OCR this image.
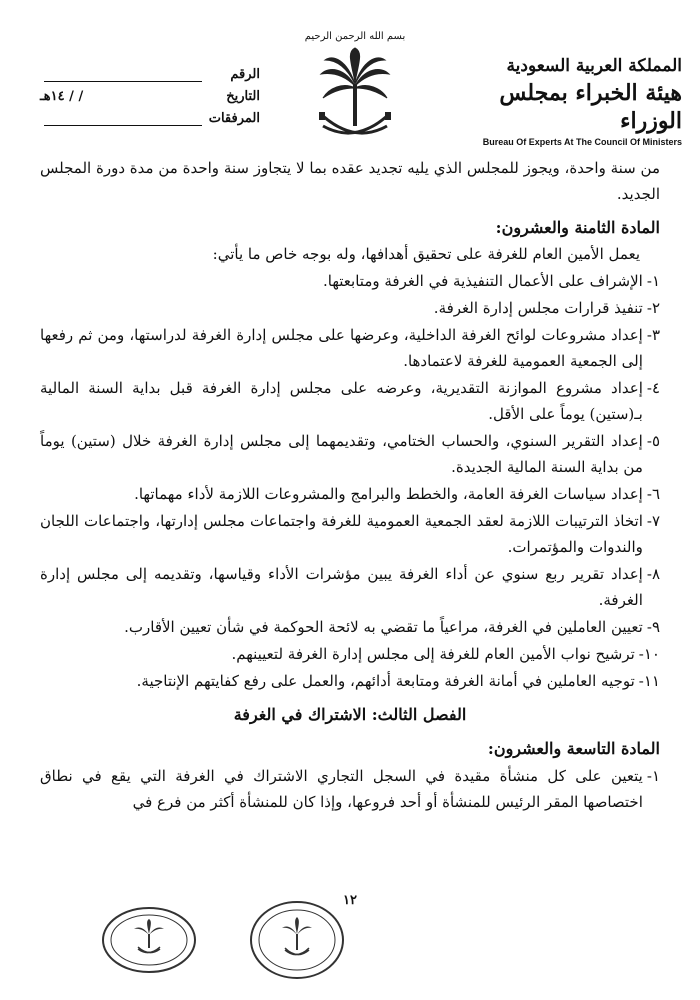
المملكة العربية السعودية
هيئة الخبراء بمجلس الوزراء
Bureau Of Experts At The Council Of Ministers
بسم الله الرحمن الرحيم
الرقم
التاريخ
/ / ١٤هـ
المرفقات
من سنة واحدة، ويجوز للمجلس الذي يليه تجديد عقده بما لا يتجاوز سنة واحدة من مدة دورة المجلس الجديد.
المادة الثامنة والعشرون:
يعمل الأمين العام للغرفة على تحقيق أهدافها، وله بوجه خاص ما يأتي:
١-
الإشراف على الأعمال التنفيذية في الغرفة ومتابعتها.
٢-
تنفيذ قرارات مجلس إدارة الغرفة.
٣-
إعداد مشروعات لوائح الغرفة الداخلية، وعرضها على مجلس إدارة الغرفة لدراستها، ومن ثم رفعها إلى الجمعية العمومية للغرفة لاعتمادها.
٤-
إعداد مشروع الموازنة التقديرية، وعرضه على مجلس إدارة الغرفة قبل بداية السنة المالية بـ(ستين) يوماً على الأقل.
٥-
إعداد التقرير السنوي، والحساب الختامي، وتقديمهما إلى مجلس إدارة الغرفة خلال (ستين) يوماً من بداية السنة المالية الجديدة.
٦-
إعداد سياسات الغرفة العامة، والخطط والبرامج والمشروعات اللازمة لأداء مهماتها.
٧-
اتخاذ الترتيبات اللازمة لعقد الجمعية العمومية للغرفة واجتماعات مجلس إدارتها، واجتماعات اللجان والندوات والمؤتمرات.
٨-
إعداد تقرير ربع سنوي عن أداء الغرفة يبين مؤشرات الأداء وقياسها، وتقديمه إلى مجلس إدارة الغرفة.
٩-
تعيين العاملين في الغرفة، مراعياً ما تقضي به لائحة الحوكمة في شأن تعيين الأقارب.
١٠-
ترشيح نواب الأمين العام للغرفة إلى مجلس إدارة الغرفة لتعيينهم.
١١-
توجيه العاملين في أمانة الغرفة ومتابعة أدائهم، والعمل على رفع كفايتهم الإنتاجية.
الفصل الثالث: الاشتراك في الغرفة
المادة التاسعة والعشرون:
١-
يتعين على كل منشأة مقيدة في السجل التجاري الاشتراك في الغرفة التي يقع في نطاق اختصاصها المقر الرئيس للمنشأة أو أحد فروعها، وإذا كان للمنشأة أكثر من فرع في
١٢
